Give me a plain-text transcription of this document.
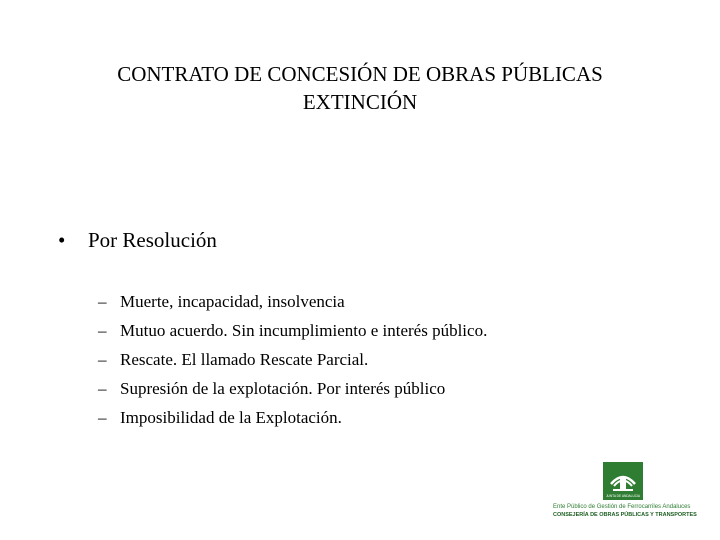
CONTRATO DE CONCESIÓN DE OBRAS PÚBLICAS
EXTINCIÓN
• Por Resolución
– Muerte, incapacidad, insolvencia
– Mutuo acuerdo. Sin incumplimiento e interés público.
– Rescate. El llamado Rescate Parcial.
– Supresión de la explotación. Por interés público
– Imposibilidad de la Explotación.
JUNTA DE ANDALUCIA
Ente Público de Gestión de Ferrocarriles Andaluces
CONSEJERÍA DE OBRAS PÚBLICAS Y TRANSPORTES
